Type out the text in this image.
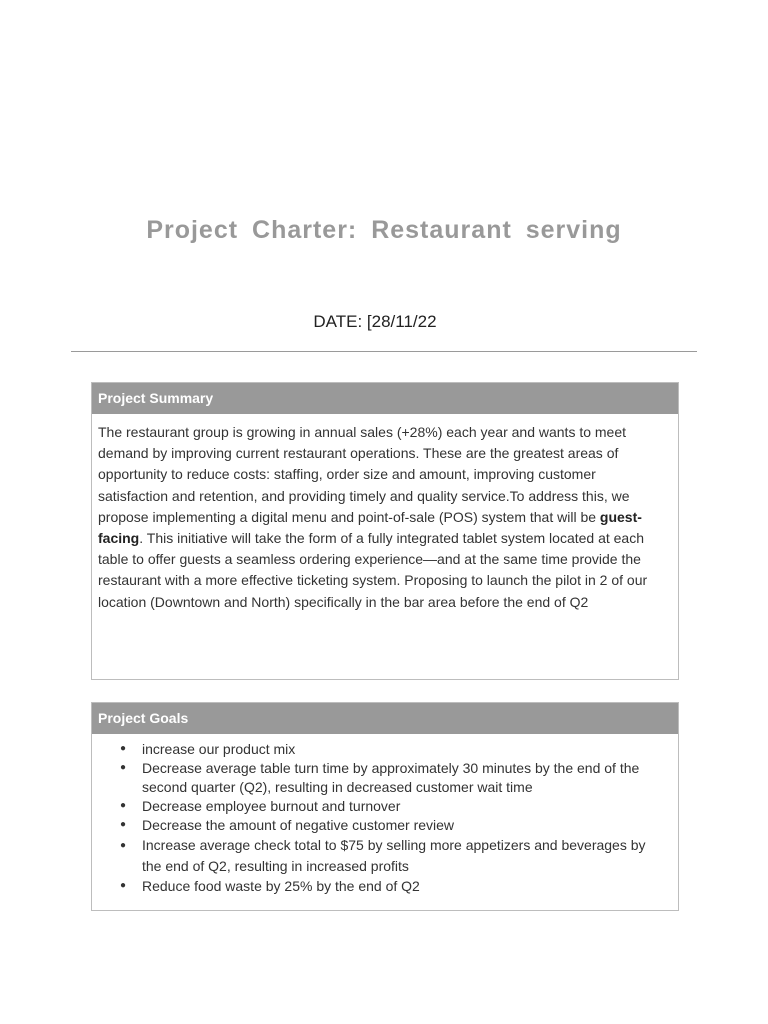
Project Charter: Restaurant serving
DATE: [28/11/22
Project Summary
The restaurant group is growing in annual sales (+28%) each year and wants to meet demand by improving current restaurant operations. These are the greatest areas of opportunity to reduce costs: staffing, order size and amount, improving customer satisfaction and retention, and providing timely and quality service.To address this, we propose implementing a digital menu and point-of-sale (POS) system that will be guest-facing. This initiative will take the form of a fully integrated tablet system located at each table to offer guests a seamless ordering experience—and at the same time provide the restaurant with a more effective ticketing system. Proposing to launch the pilot in 2 of our location (Downtown and North) specifically in the bar area before the end of Q2
Project Goals
● increase our product mix
● Decrease average table turn time by approximately 30 minutes by the end of the second quarter (Q2), resulting in decreased customer wait time
● Decrease employee burnout and turnover
● Decrease the amount of negative customer review
● Increase average check total to $75 by selling more appetizers and beverages by the end of Q2, resulting in increased profits
● Reduce food waste by 25% by the end of Q2
